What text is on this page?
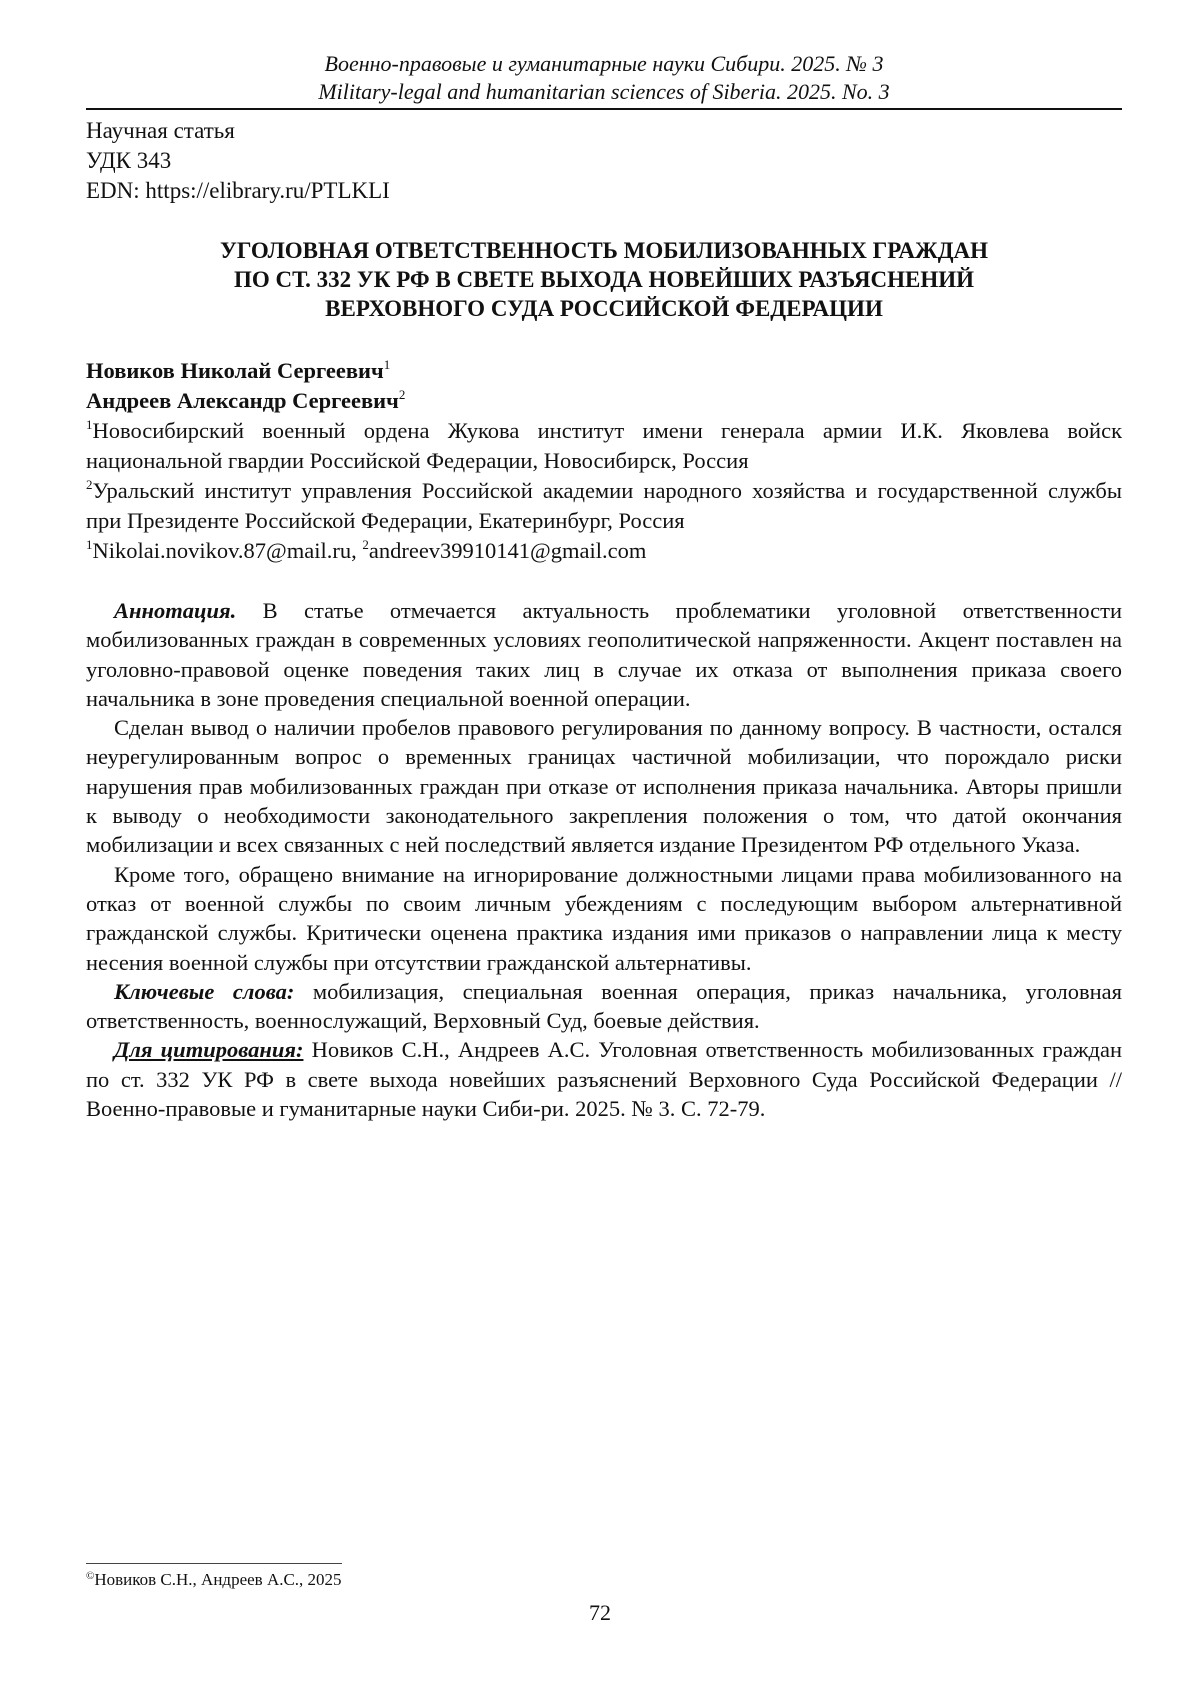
Военно-правовые и гуманитарные науки Сибири. 2025. № 3
Military-legal and humanitarian sciences of Siberia. 2025. No. 3
Научная статья
УДК 343
EDN: https://elibrary.ru/PTLKLI
УГОЛОВНАЯ ОТВЕТСТВЕННОСТЬ МОБИЛИЗОВАННЫХ ГРАЖДАН
ПО СТ. 332 УК РФ В СВЕТЕ ВЫХОДА НОВЕЙШИХ РАЗЪЯСНЕНИЙ
ВЕРХОВНОГО СУДА РОССИЙСКОЙ ФЕДЕРАЦИИ
Новиков Николай Сергеевич$^1$
Андреев Александр Сергеевич$^2$
$^1$Новосибирский военный ордена Жукова институт имени генерала армии И.К. Яковлева войск национальной гвардии Российской Федерации, Новосибирск, Россия
$^2$Уральский институт управления Российской академии народного хозяйства и государственной службы при Президенте Российской Федерации, Екатеринбург, Россия
$^1$Nikolai.novikov.87@mail.ru, $^2$andreev39910141@gmail.com

Аннотация. В статье отмечается актуальность проблематики уголовной ответственности мобилизованных граждан в современных условиях геополитической напряженности. Акцент поставлен на уголовно-правовой оценке поведения таких лиц в случае их отказа от выполнения приказа своего начальника в зоне проведения специальной военной операции.

Сделан вывод о наличии пробелов правового регулирования по данному вопросу. В частности, остался неурегулированным вопрос о временных границах частичной мобилизации, что порождало риски нарушения прав мобилизованных граждан при отказе от исполнения приказа начальника. Авторы пришли к выводу о необходимости законодательного закрепления положения о том, что датой окончания мобилизации и всех связанных с ней последствий является издание Президентом РФ отдельного Указа.

Кроме того, обращено внимание на игнорирование должностными лицами права мобилизованного на отказ от военной службы по своим личным убеждениям с последующим выбором альтернативной гражданской службы. Критически оценена практика издания ими приказов о направлении лица к месту несения военной службы при отсутствии гражданской альтернативы.

Ключевые слова: мобилизация, специальная военная операция, приказ начальника, уголовная ответственность, военнослужащий, Верховный Суд, боевые действия.

Для цитирования: Новиков С.Н., Андреев А.С. Уголовная ответственность мобилизованных граждан по ст. 332 УК РФ в свете выхода новейших разъяснений Верховного Суда Российской Федерации // Военно-правовые и гуманитарные науки Сиби-ри. 2025. № 3. С. 72-79.

©Новиков С.Н., Андреев А.С., 2025
72
